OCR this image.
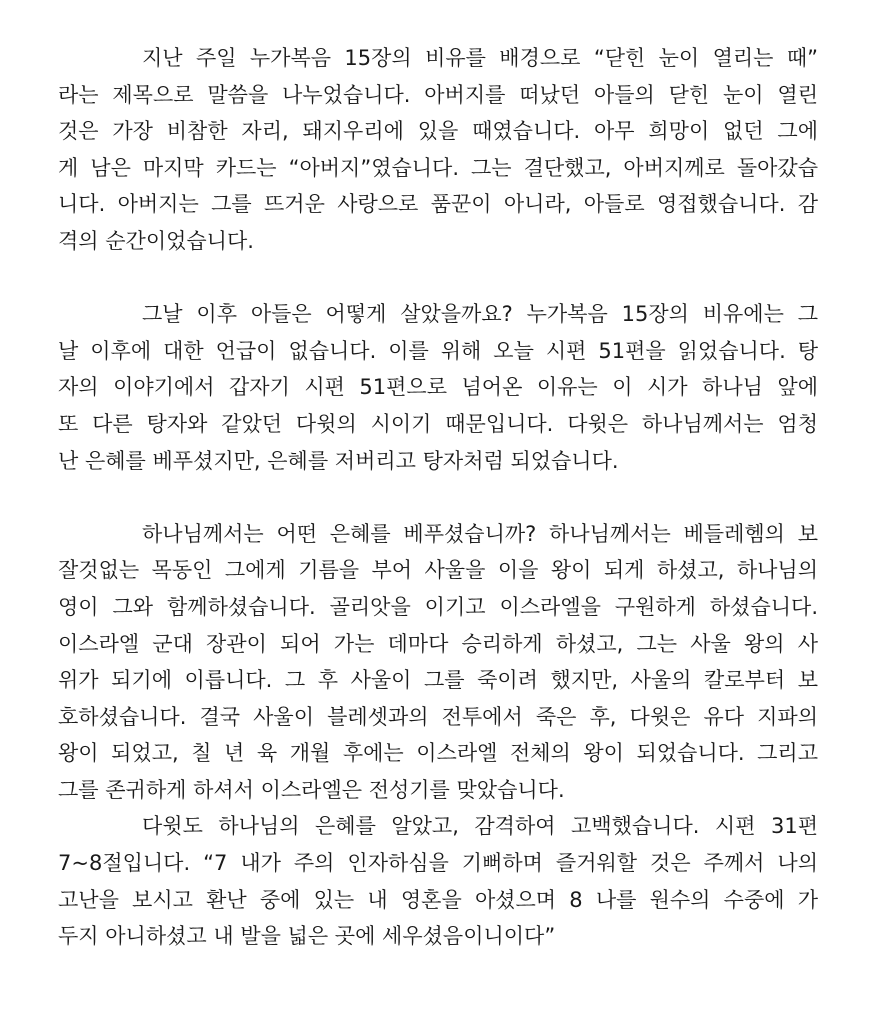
지난 주일 누가복음 15장의 비유를 배경으로 “닫힌 눈이 열리는 때”
라는 제목으로 말씀을 나누었습니다. 아버지를 떠났던 아들의 닫힌 눈이 열린
것은 가장 비참한 자리, 돼지우리에 있을 때였습니다. 아무 희망이 없던 그에
게 남은 마지막 카드는 “아버지”였습니다. 그는 결단했고, 아버지께로 돌아갔습
니다. 아버지는 그를 뜨거운 사랑으로 품꾼이 아니라, 아들로 영접했습니다. 감
격의 순간이었습니다.
그날 이후 아들은 어떻게 살았을까요? 누가복음 15장의 비유에는 그
날 이후에 대한 언급이 없습니다. 이를 위해 오늘 시편 51편을 읽었습니다. 탕
자의 이야기에서 갑자기 시편 51편으로 넘어온 이유는 이 시가 하나님 앞에
또 다른 탕자와 같았던 다윗의 시이기 때문입니다. 다윗은 하나님께서는 엄청
난 은혜를 베푸셨지만, 은혜를 저버리고 탕자처럼 되었습니다.
하나님께서는 어떤 은혜를 베푸셨습니까? 하나님께서는 베들레헴의 보
잘것없는 목동인 그에게 기름을 부어 사울을 이을 왕이 되게 하셨고, 하나님의
영이 그와 함께하셨습니다. 골리앗을 이기고 이스라엘을 구원하게 하셨습니다.
이스라엘 군대 장관이 되어 가는 데마다 승리하게 하셨고, 그는 사울 왕의 사
위가 되기에 이릅니다. 그 후 사울이 그를 죽이려 했지만, 사울의 칼로부터 보
호하셨습니다. 결국 사울이 블레셋과의 전투에서 죽은 후, 다윗은 유다 지파의
왕이 되었고, 칠 년 육 개월 후에는 이스라엘 전체의 왕이 되었습니다. 그리고
그를 존귀하게 하셔서 이스라엘은 전성기를 맞았습니다.
다윗도 하나님의 은혜를 알았고, 감격하여 고백했습니다. 시편 31편
7~8절입니다. “7 내가 주의 인자하심을 기뻐하며 즐거워할 것은 주께서 나의
고난을 보시고 환난 중에 있는 내 영혼을 아셨으며 8 나를 원수의 수중에 가
두지 아니하셨고 내 발을 넓은 곳에 세우셨음이니이다”
